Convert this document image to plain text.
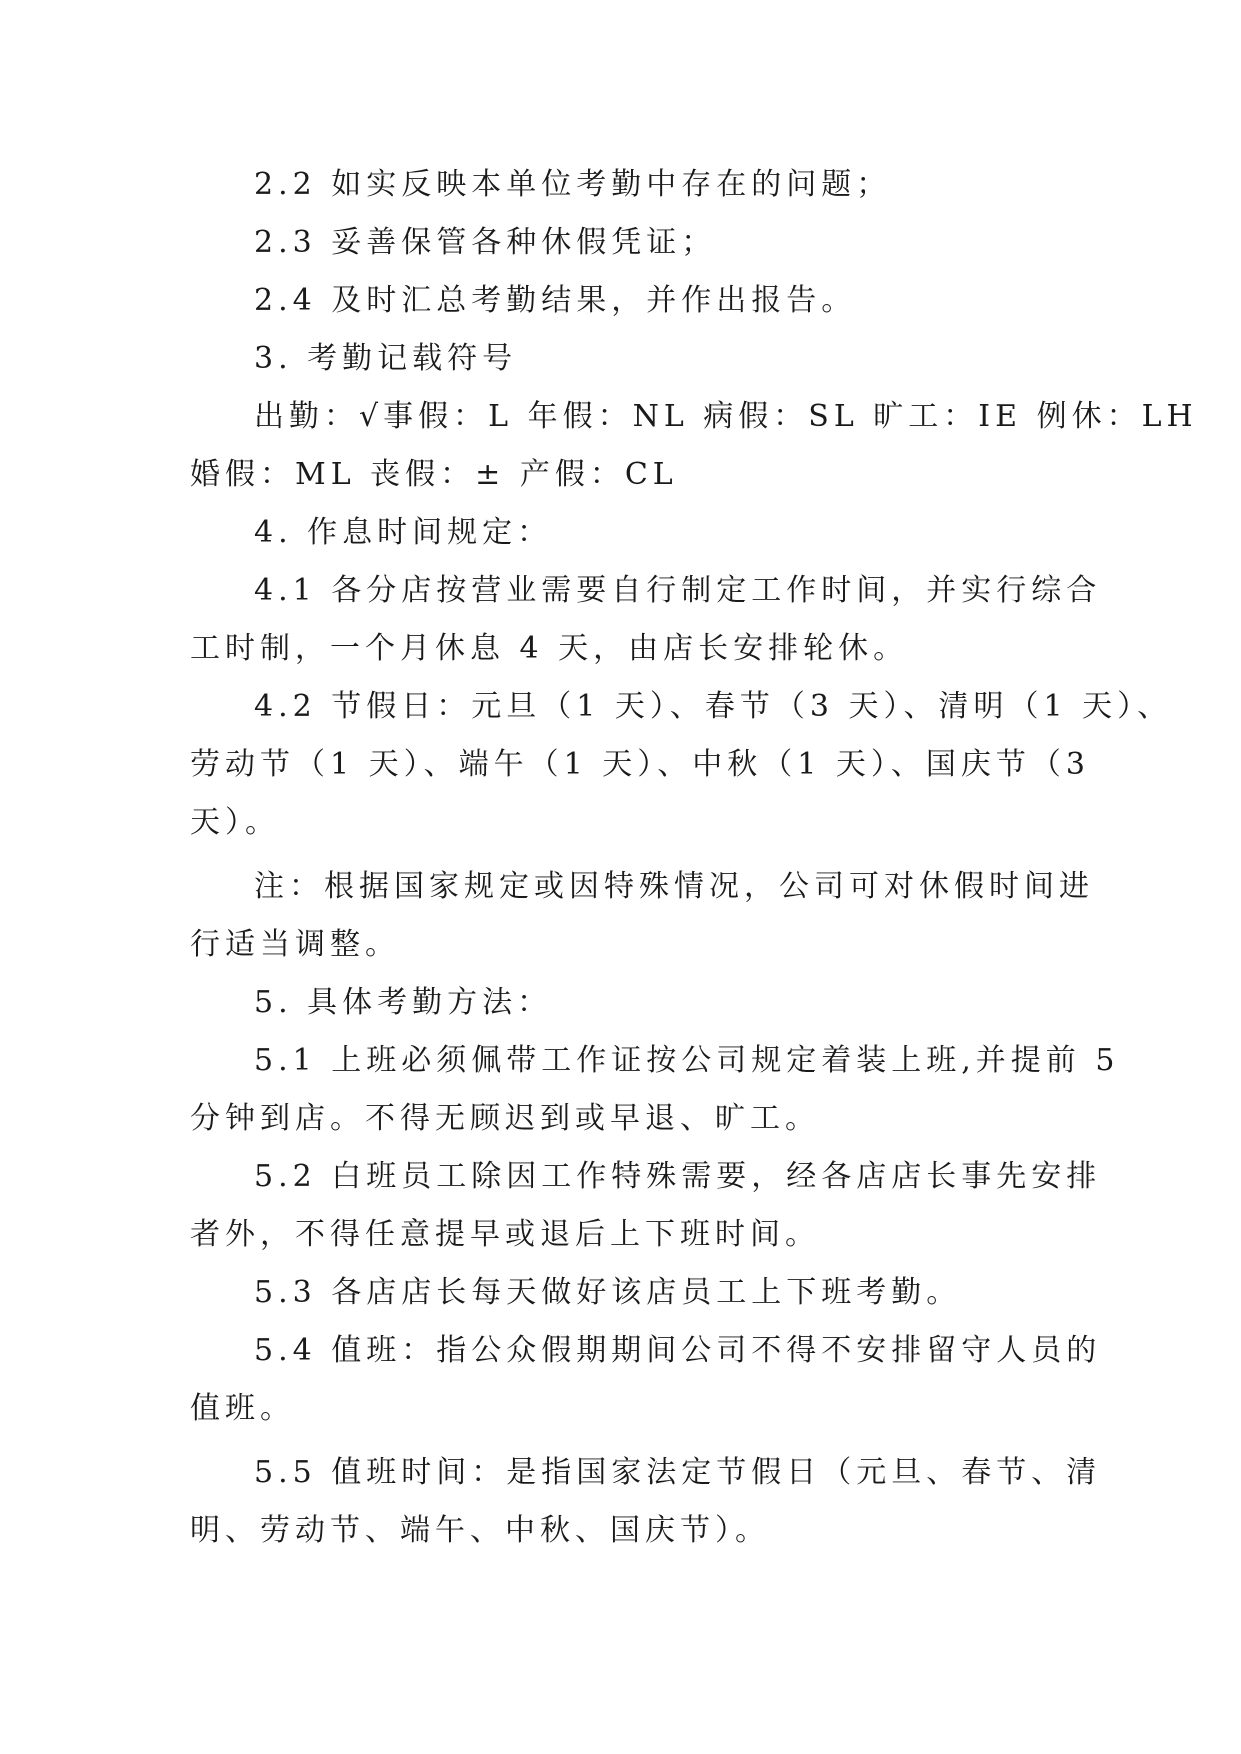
2.2 如实反映本单位考勤中存在的问题；
2.3 妥善保管各种休假凭证；
2.4 及时汇总考勤结果，并作出报告。
3. 考勤记载符号
出勤：√事假：L 年假：NL 病假：SL 旷工：IE 例休：LH
婚假：ML 丧假：± 产假：CL
4. 作息时间规定：
4.1 各分店按营业需要自行制定工作时间，并实行综合
工时制，一个月休息 4 天，由店长安排轮休。
4.2 节假日：元旦（1 天）、春节（3 天）、清明（1 天）、
劳动节（1 天）、端午（1 天）、中秋（1 天）、国庆节（3
天）。
注：根据国家规定或因特殊情况，公司可对休假时间进
行适当调整。
5. 具体考勤方法：
5.1 上班必须佩带工作证按公司规定着装上班,并提前 5
分钟到店。不得无顾迟到或早退、旷工。
5.2 白班员工除因工作特殊需要，经各店店长事先安排
者外，不得任意提早或退后上下班时间。
5.3 各店店长每天做好该店员工上下班考勤。
5.4 值班：指公众假期期间公司不得不安排留守人员的
值班。
5.5 值班时间：是指国家法定节假日（元旦、春节、清
明、劳动节、端午、中秋、国庆节）。
